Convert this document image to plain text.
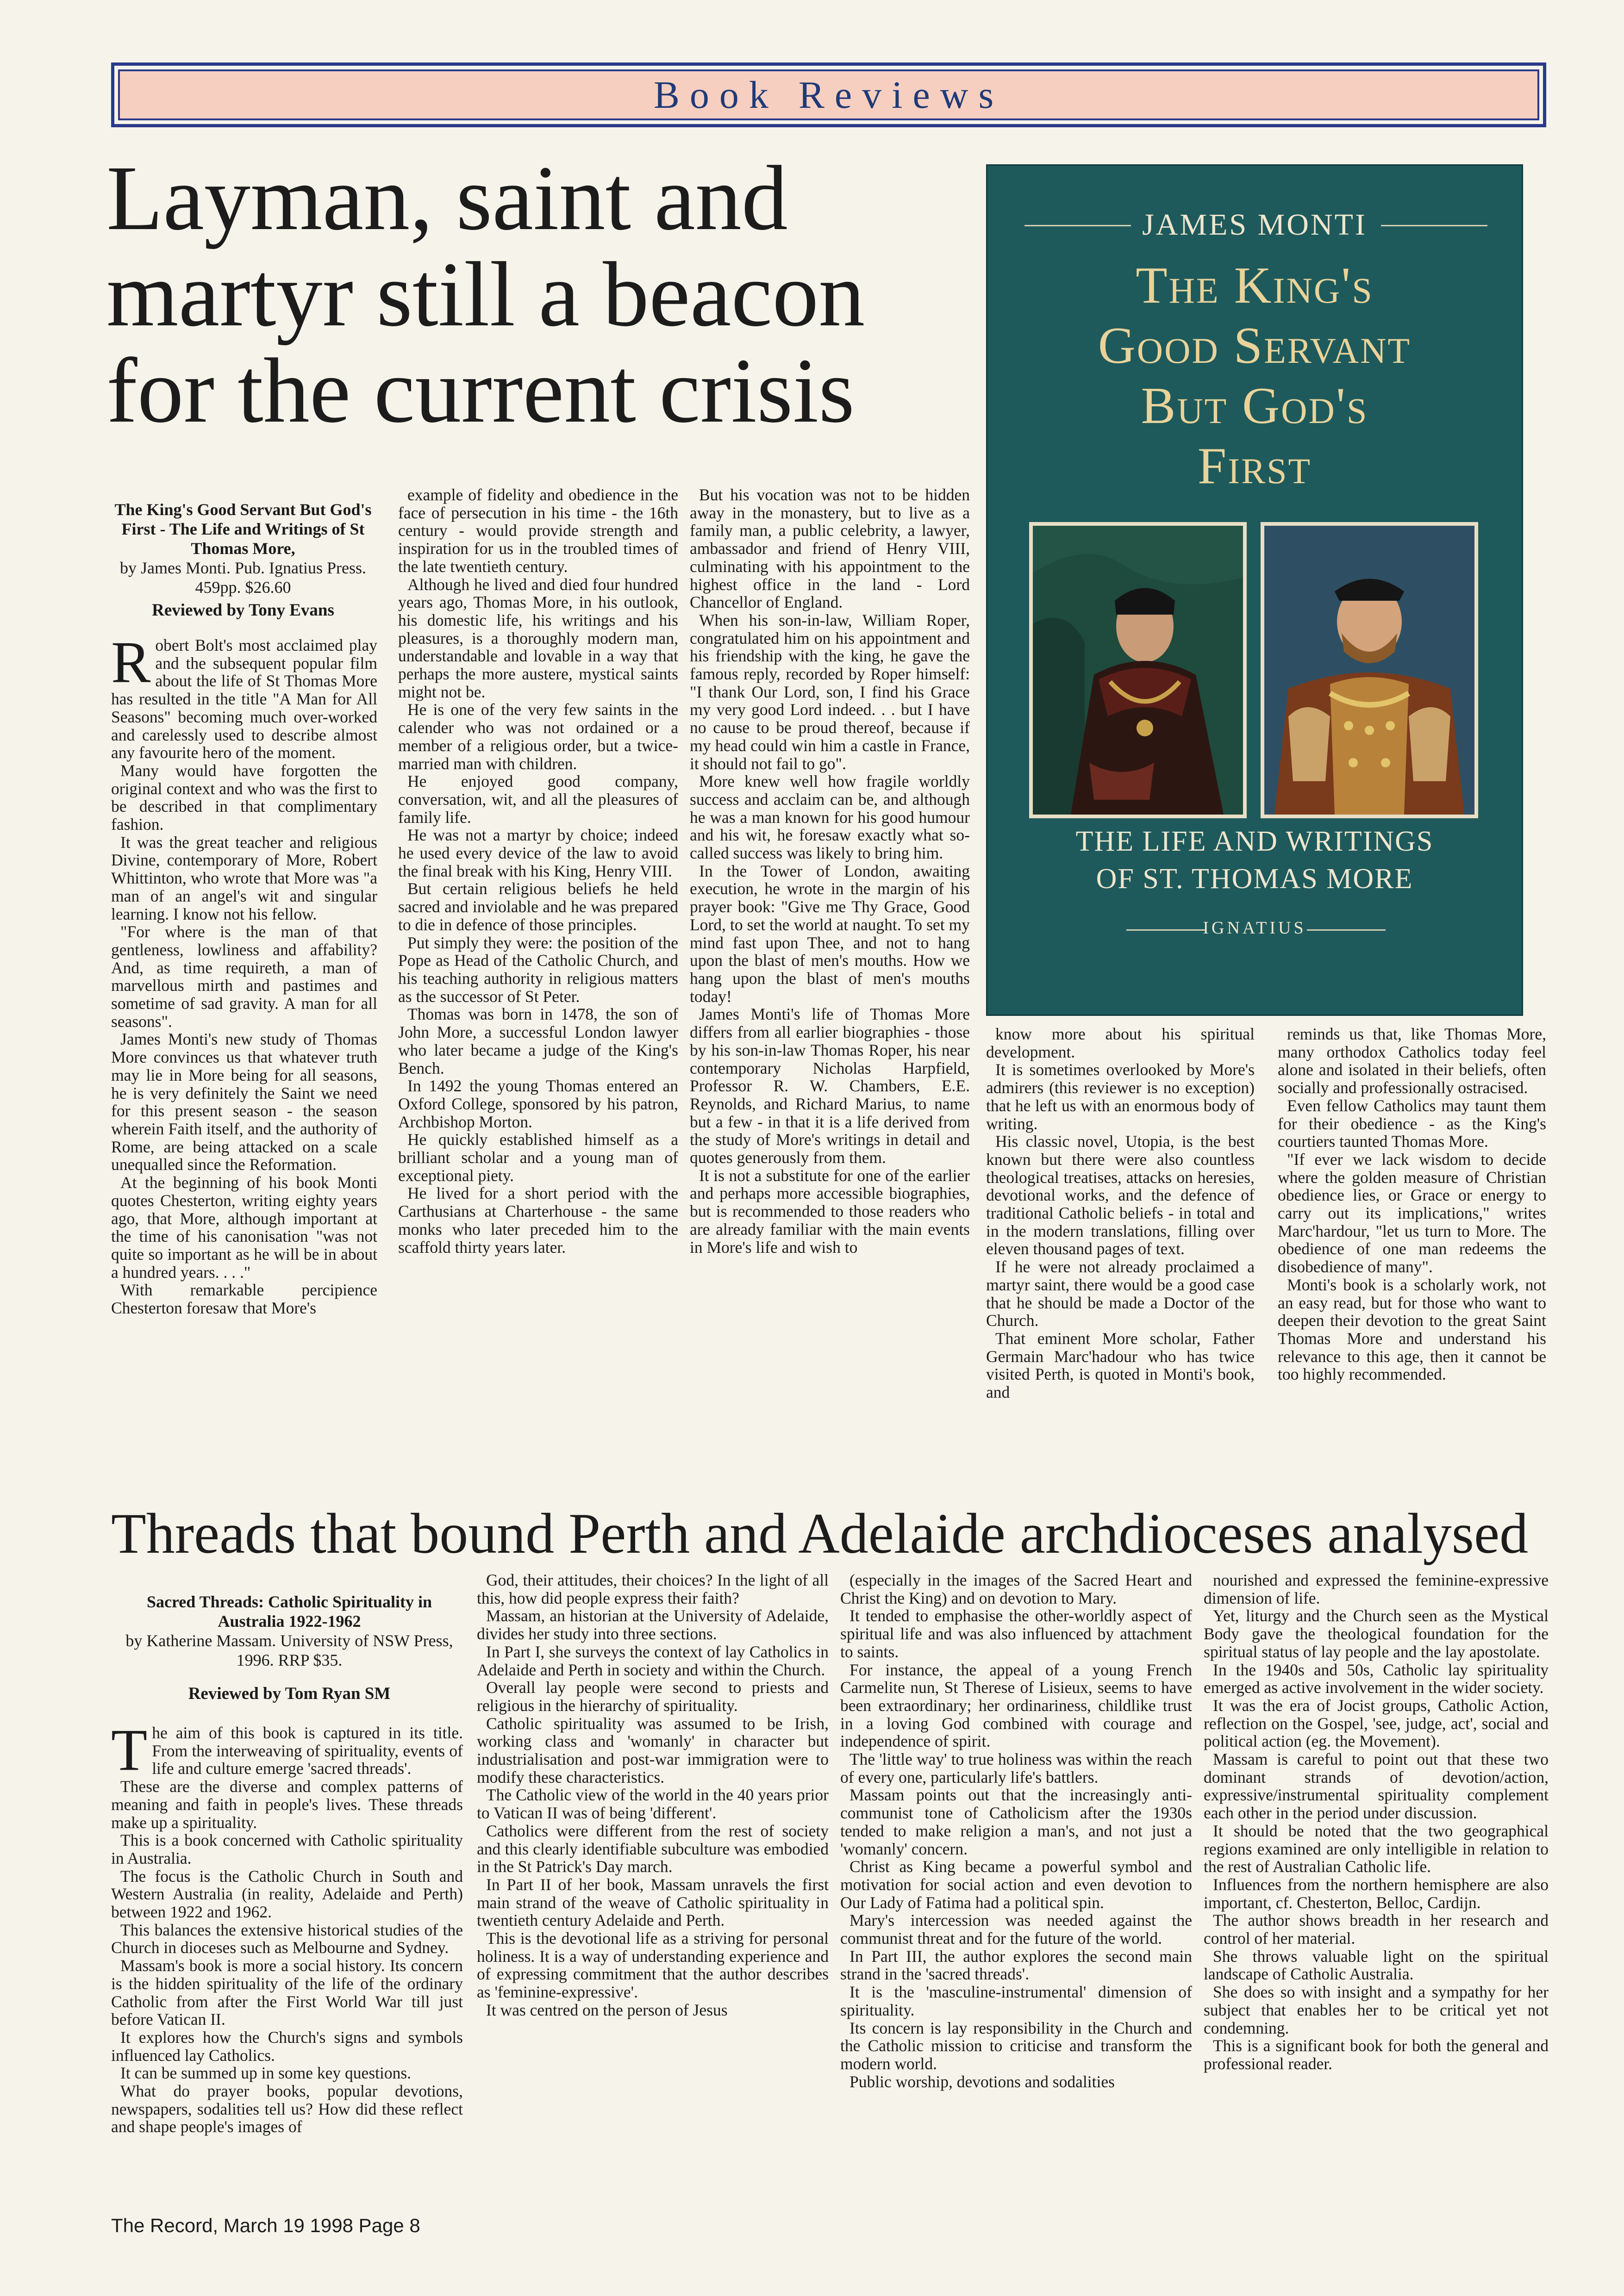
Book Reviews
Layman, saint and martyr still a beacon for the current crisis
JAMES MONTI
The King's
Good Servant
But God's
First
THE LIFE AND WRITINGS
OF ST. THOMAS MORE
IGNATIUS
The King's Good Servant But God's First - The Life and Writings of St Thomas More,
by James Monti. Pub. Ignatius Press. 459pp. $26.60
Reviewed by Tony Evans

Robert Bolt's most acclaimed play and the subsequent popular film about the life of St Thomas More has resulted in the title "A Man for All Seasons" becoming much over-worked and carelessly used to describe almost any favourite hero of the moment.

Many would have forgotten the original context and who was the first to be described in that complimentary fashion.

It was the great teacher and religious Divine, contemporary of More, Robert Whittinton, who wrote that More was "a man of an angel's wit and singular learning. I know not his fellow.

"For where is the man of that gentleness, lowliness and affability? And, as time requireth, a man of marvellous mirth and pastimes and sometime of sad gravity. A man for all seasons".

James Monti's new study of Thomas More convinces us that whatever truth may lie in More being for all seasons, he is very definitely the Saint we need for this present season - the season wherein Faith itself, and the authority of Rome, are being attacked on a scale unequalled since the Reformation.

At the beginning of his book Monti quotes Chesterton, writing eighty years ago, that More, although important at the time of his canonisation "was not quite so important as he will be in about a hundred years. . . ."

With remarkable percipience Chesterton foresaw that More's

example of fidelity and obedience in the face of persecution in his time - the 16th century - would provide strength and inspiration for us in the troubled times of the late twentieth century.

Although he lived and died four hundred years ago, Thomas More, in his outlook, his domestic life, his writings and his pleasures, is a thoroughly modern man, understandable and lovable in a way that perhaps the more austere, mystical saints might not be.

He is one of the very few saints in the calender who was not ordained or a member of a religious order, but a twice-married man with children.

He enjoyed good company, conversation, wit, and all the pleasures of family life.

He was not a martyr by choice; indeed he used every device of the law to avoid the final break with his King, Henry VIII.

But certain religious beliefs he held sacred and inviolable and he was prepared to die in defence of those principles.

Put simply they were: the position of the Pope as Head of the Catholic Church, and his teaching authority in religious matters as the successor of St Peter.

Thomas was born in 1478, the son of John More, a successful London lawyer who later became a judge of the King's Bench.

In 1492 the young Thomas entered an Oxford College, sponsored by his patron, Archbishop Morton.

He quickly established himself as a brilliant scholar and a young man of exceptional piety.

He lived for a short period with the Carthusians at Charterhouse - the same monks who later preceded him to the scaffold thirty years later.

But his vocation was not to be hidden away in the monastery, but to live as a family man, a public celebrity, a lawyer, ambassador and friend of Henry VIII, culminating with his appointment to the highest office in the land - Lord Chancellor of England.

When his son-in-law, William Roper, congratulated him on his appointment and his friendship with the king, he gave the famous reply, recorded by Roper himself: "I thank Our Lord, son, I find his Grace my very good Lord indeed. . . but I have no cause to be proud thereof, because if my head could win him a castle in France, it should not fail to go".

More knew well how fragile worldly success and acclaim can be, and although he was a man known for his good humour and his wit, he foresaw exactly what so-called success was likely to bring him.

In the Tower of London, awaiting execution, he wrote in the margin of his prayer book: "Give me Thy Grace, Good Lord, to set the world at naught. To set my mind fast upon Thee, and not to hang upon the blast of men's mouths. How we hang upon the blast of men's mouths today!

James Monti's life of Thomas More differs from all earlier biographies - those by his son-in-law Thomas Roper, his near contemporary Nicholas Harpfield, Professor R. W. Chambers, E.E. Reynolds, and Richard Marius, to name but a few - in that it is a life derived from the study of More's writings in detail and quotes generously from them.

It is not a substitute for one of the earlier and perhaps more accessible biographies, but is recommended to those readers who are already familiar with the main events in More's life and wish to

know more about his spiritual development.

It is sometimes overlooked by More's admirers (this reviewer is no exception) that he left us with an enormous body of writing.

His classic novel, Utopia, is the best known but there were also countless theological treatises, attacks on heresies, devotional works, and the defence of traditional Catholic beliefs - in total and in the modern translations, filling over eleven thousand pages of text.

If he were not already proclaimed a martyr saint, there would be a good case that he should be made a Doctor of the Church.

That eminent More scholar, Father Germain Marc'hadour who has twice visited Perth, is quoted in Monti's book, and

reminds us that, like Thomas More, many orthodox Catholics today feel alone and isolated in their beliefs, often socially and professionally ostracised.

Even fellow Catholics may taunt them for their obedience - as the King's courtiers taunted Thomas More.

"If ever we lack wisdom to decide where the golden measure of Christian obedience lies, or Grace or energy to carry out its implications," writes Marc'hardour, "let us turn to More. The obedience of one man redeems the disobedience of many".

Monti's book is a scholarly work, not an easy read, but for those who want to deepen their devotion to the great Saint Thomas More and understand his relevance to this age, then it cannot be too highly recommended.

Threads that bound Perth and Adelaide archdioceses analysed
Sacred Threads: Catholic Spirituality in Australia 1922-1962
by Katherine Massam. University of NSW Press, 1996. RRP $35.
Reviewed by Tom Ryan SM

The aim of this book is captured in its title. From the interweaving of spirituality, events of life and culture emerge 'sacred threads'.

These are the diverse and complex patterns of meaning and faith in people's lives. These threads make up a spirituality.

This is a book concerned with Catholic spirituality in Australia.

The focus is the Catholic Church in South and Western Australia (in reality, Adelaide and Perth) between 1922 and 1962.

This balances the extensive historical studies of the Church in dioceses such as Melbourne and Sydney.

Massam's book is more a social history. Its concern is the hidden spirituality of the life of the ordinary Catholic from after the First World War till just before Vatican II.

It explores how the Church's signs and symbols influenced lay Catholics.

It can be summed up in some key questions.

What do prayer books, popular devotions, newspapers, sodalities tell us? How did these reflect and shape people's images of

God, their attitudes, their choices? In the light of all this, how did people express their faith?

Massam, an historian at the University of Adelaide, divides her study into three sections.

In Part I, she surveys the context of lay Catholics in Adelaide and Perth in society and within the Church.

Overall lay people were second to priests and religious in the hierarchy of spirituality.

Catholic spirituality was assumed to be Irish, working class and 'womanly' in character but industrialisation and post-war immigration were to modify these characteristics.

The Catholic view of the world in the 40 years prior to Vatican II was of being 'different'.

Catholics were different from the rest of society and this clearly identifiable subculture was embodied in the St Patrick's Day march.

In Part II of her book, Massam unravels the first main strand of the weave of Catholic spirituality in twentieth century Adelaide and Perth.

This is the devotional life as a striving for personal holiness. It is a way of understanding experience and of expressing commitment that the author describes as 'feminine-expressive'.

It was centred on the person of Jesus

(especially in the images of the Sacred Heart and Christ the King) and on devotion to Mary.

It tended to emphasise the other-worldly aspect of spiritual life and was also influenced by attachment to saints.

For instance, the appeal of a young French Carmelite nun, St Therese of Lisieux, seems to have been extraordinary; her ordinariness, childlike trust in a loving God combined with courage and independence of spirit.

The 'little way' to true holiness was within the reach of every one, particularly life's battlers.

Massam points out that the increasingly anti-communist tone of Catholicism after the 1930s tended to make religion a man's, and not just a 'womanly' concern.

Christ as King became a powerful symbol and motivation for social action and even devotion to Our Lady of Fatima had a political spin.

Mary's intercession was needed against the communist threat and for the future of the world.

In Part III, the author explores the second main strand in the 'sacred threads'.

It is the 'masculine-instrumental' dimension of spirituality.

Its concern is lay responsibility in the Church and the Catholic mission to criticise and transform the modern world.

Public worship, devotions and sodalities

nourished and expressed the feminine-expressive dimension of life.

Yet, liturgy and the Church seen as the Mystical Body gave the theological foundation for the spiritual status of lay people and the lay apostolate.

In the 1940s and 50s, Catholic lay spirituality emerged as active involvement in the wider society.

It was the era of Jocist groups, Catholic Action, reflection on the Gospel, 'see, judge, act', social and political action (eg. the Movement).

Massam is careful to point out that these two dominant strands of devotion/action, expressive/instrumental spirituality complement each other in the period under discussion.

It should be noted that the two geographical regions examined are only intelligible in relation to the rest of Australian Catholic life.

Influences from the northern hemisphere are also important, cf. Chesterton, Belloc, Cardijn.

The author shows breadth in her research and control of her material.

She throws valuable light on the spiritual landscape of Catholic Australia.

She does so with insight and a sympathy for her subject that enables her to be critical yet not condemning.

This is a significant book for both the general and professional reader.

The Record, March 19 1998 Page 8
